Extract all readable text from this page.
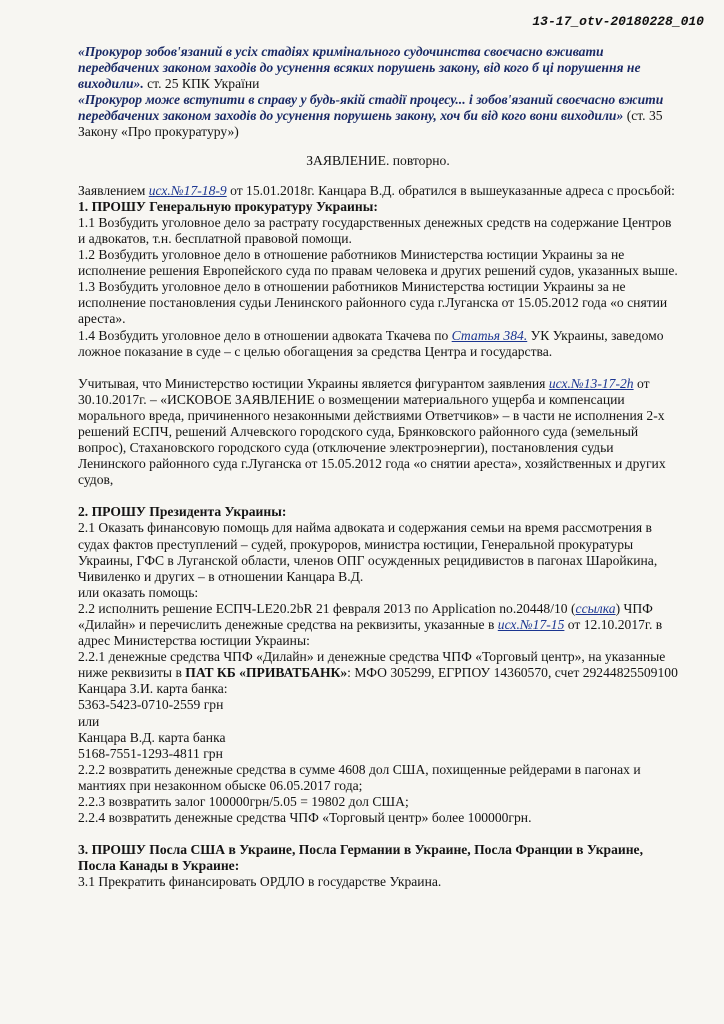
13-17_otv-20180228_010

«Прокурор зобов'язаний в усіх стадіях кримінального судочинства своєчасно вживати передбачених законом заходів до усунення всяких порушень закону, від кого б ці порушення не виходили». ст. 25 КПК України

«Прокурор може вступити в справу у будь-якій стадії процесу... і зобов'язаний своєчасно вжити передбачених законом заходів до усунення порушень закону, хоч би від кого вони виходили» (ст. 35 Закону «Про прокуратуру»)

ЗАЯВЛЕНИЕ. повторно.

Заявлением исх.№17-18-9 от 15.01.2018г. Канцара В.Д. обратился в вышеуказанные адреса с просьбой:

1. ПРОШУ Генеральную прокуратуру Украины:

1.1 Возбудить уголовное дело за растрату государственных денежных средств на содержание Центров и адвокатов, т.н. бесплатной правовой помощи.

1.2 Возбудить уголовное дело в отношение работников Министерства юстиции Украины за не исполнение решения Европейского суда по правам человека и других решений судов, указанных выше.

1.3 Возбудить уголовное дело в отношении работников Министерства юстиции Украины за не исполнение постановления судьи Ленинского районного суда г.Луганска от 15.05.2012 года «о снятии ареста».

1.4 Возбудить уголовное дело в отношении адвоката Ткачева по Статья 384. УК Украины, заведомо ложное показание в суде – с целью обогащения за средства Центра и государства.

Учитывая, что Министерство юстиции Украины является фигурантом заявления исх.№13-17-2h от 30.10.2017г. – «ИСКОВОЕ ЗАЯВЛЕНИЕ о возмещении материального ущерба и компенсации морального вреда, причиненного незаконными действиями Ответчиков» – в части не исполнения 2-х решений ЕСПЧ, решений Алчевского городского суда, Брянковского районного суда (земельный вопрос), Стахановского городского суда (отключение электроэнергии), постановления судьи Ленинского районного суда г.Луганска от 15.05.2012 года «о снятии ареста», хозяйственных и других судов,

2. ПРОШУ Президента Украины:

2.1 Оказать финансовую помощь для найма адвоката и содержания семьи на время рассмотрения в судах фактов преступлений – судей, прокуроров, министра юстиции, Генеральной прокуратуры Украины, ГФС в Луганской области, членов ОПГ осужденных рецидивистов в пагонах Шаройкина, Чивиленко и других – в отношении Канцара В.Д.

или оказать помощь:

2.2 исполнить решение ЕСПЧ-LE20.2bR 21 февраля 2013 по Application no.20448/10 (ссылка) ЧПФ «Дилайн» и перечислить денежные средства на реквизиты, указанные в исх.№17-15 от 12.10.2017г. в адрес Министерства юстиции Украины:

2.2.1 денежные средства ЧПФ «Дилайн» и денежные средства ЧПФ «Торговый центр», на указанные ниже реквизиты в ПАТ КБ «ПРИВАТБАНК»: МФО 305299, ЕГРПОУ 14360570, счет 29244825509100

Канцара З.И. карта банка:

5363-5423-0710-2559 грн

или

Канцара В.Д. карта банка

5168-7551-1293-4811 грн

2.2.2 возвратить денежные средства в сумме 4608 дол США, похищенные рейдерами в пагонах и мантиях при незаконном обыске 06.05.2017 года;

2.2.3 возвратить залог 100000грн/5.05 = 19802 дол США;

2.2.4 возвратить денежные средства ЧПФ «Торговый центр» более 100000грн.

3. ПРОШУ Посла США в Украине, Посла Германии в Украине, Посла Франции в Украине, Посла Канады в Украине:

3.1 Прекратить финансировать ОРДЛО в государстве Украина.
